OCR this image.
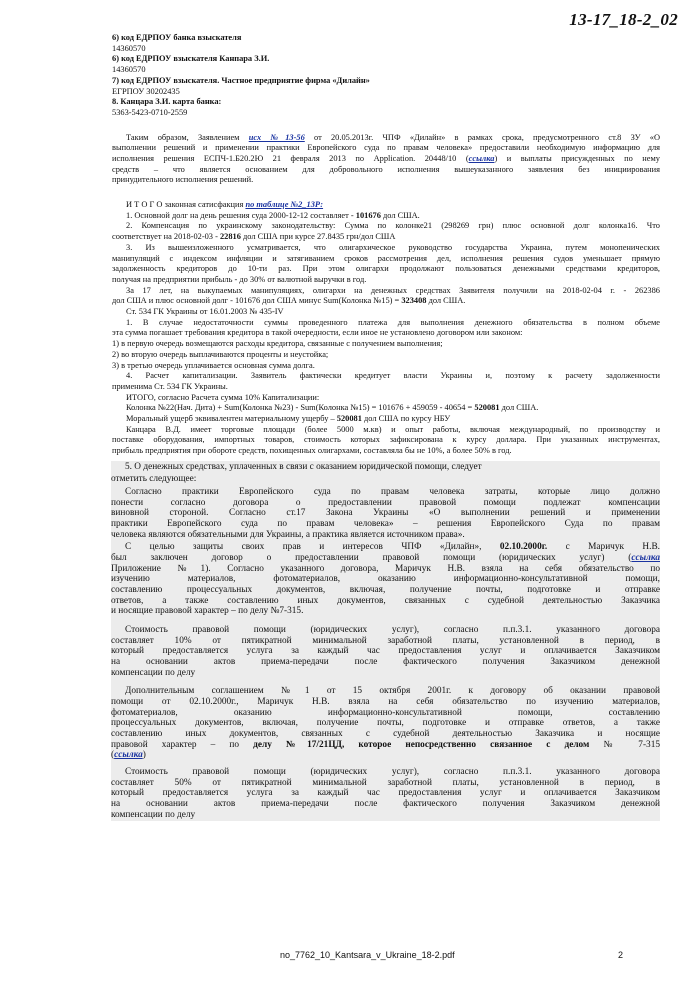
13-17_18-2_02
6) код ЕДРПОУ банка взыскателя
14360570
6) код ЕДРПОУ взыскателя Канпара З.И.
14360570
7) код ЕДРПОУ взыскателя. Частное предприятие фирма «Дилайн»
ЕГРПОУ 30202435
8. Канцара З.И. карта банка:
5363-5423-0710-2559
Таким образом, Заявлением исх №13-56 от 20.05.2013г. ЧПФ «Дилайн» в рамках срока, предусмотренного ст.8 ЗУ «О
выполнении решений и применении практики Европейского суда по правам человека» предоставили необходимую информацию для
исполнения решения ЕСПЧ-1.Б20.2Ю 21 февраля 2013 по Application. 20448/10 (ссылка) и выплаты присужденных по нему
средств – что является основанием для добровольного исполнения вышеуказанного заявления без инициирования
принудительного исполнения решений.
И Т О Г О законная сатисфакция по таблице №2_13Р:
1. Основной долг на день решения суда 2000-12-12 составляет - 101676 дол США.
2. Компенсация по украинскому законодательству: Сумма по колонке21 (298269 грн) плюс основной долг колонка16. Что
соответствует на 2018-02-03 - 22816 дол США при курсе 27.8435 грн/дол США
3. Из вышеизложенного усматривается, что олигархическое руководство государства Украина, путем монопенических
манипуляций с индексом инфляции и затягиванием сроков рассмотрения дел, исполнения решения судов уменьшает прямую
задолженность кредиторов до 10-ти раз. При этом олигархи продолжают пользоваться денежными средствами кредиторов,
получая на предприятии прибыль - до 30% от валютной выручки в год.
За 17 лет, на выкупаемых манипуляциях, олигархи на денежных средствах Заявителя получили на 2018-02-04 г. - 262386
дол США и плюс основной долг - 101676 дол США минус Sum(Колонка №15) = 323408 дол США.
Ст. 534 ГК Украины от 16.01.2003 № 435-IV
1. В случае недостаточности суммы проведенного платежа для выполнения денежного обязательства в полном объеме
эта сумма погашает требования кредитора в такой очередности, если иное не установлено договором или законом:
1) в первую очередь возмещаются расходы кредитора, связанные с получением выполнения;
2) во вторую очередь выплачиваются проценты и неустойка;
3) в третью очередь уплачивается основная сумма долга.
4. Расчет капитализации. Заявитель фактически кредитует власти Украины и, поэтому к расчету задолженности
применима Ст. 534 ГК Украины.
ИТОГО, согласно Расчета сумма 10% Капитализации:
Колонка №22(Нач. Дита) + Sum(Колонка №23) - Sum(Колонка №15) = 101676 + 459059 - 40654 = 520081 дол США.
Моральный ущерб эквивалентен материальному ущербу – 520081 дол США по курсу НБУ
Канцара В.Д. имеет торговые площади (более 5000 м.кв) и опыт работы, включая международный, по производству и
поставке оборудования, импортных товаров, стоимость которых зафиксирована к курсу доллара. При указанных инструментах,
прибыль предприятия при обороте средств, похищенных олигархами, составляла бы не 10%, а более 50% в год.
5. О денежных средствах, уплаченных в связи с оказанием юридической помощи, следует
отметить следующее:
Согласно практики Европейского суда по правам человека затраты, которые лицо должно
понести согласно договора о предоставлении правовой помощи подлежат компенсации
виновной стороной. Согласно ст.17 Закона Украины «О выполнении решений и применении
практики Европейского суда по правам человека» – решения Европейского Суда по правам
человека являются обязательными для Украины, а практика является источником права».
С целью защиты своих прав и интересов ЧПФ «Дилайн», 02.10.2000г. с Маричук Н.В.
был заключен договор о предоставлении правовой помощи (юридических услуг) (ссылка
Приложение №1). Согласно указанного договора, Маричук Н.В. взяла на себя обязательство по
изучению материалов, фотоматериалов, оказанию информационно-консультативной помощи,
составлению процессуальных документов, включая, получение почты, подготовке и отправке
ответов, а также составлению иных документов, связанных с судебной деятельностью Заказчика
и носящие правовой характер – по делу №7-315.
Стоимость правовой помощи (юридических услуг), согласно п.п.3.1. указанного договора
составляет 10% от пятикратной минимальной заработной платы, установленной в период, в
который предоставляется услуга за каждый час предоставления услуг и оплачивается Заказчиком
на основании актов приема-передачи после фактического получения Заказчиком денежной
компенсации по делу
Дополнительным соглашением №1 от 15 октября 2001г. к договору об оказании правовой
помощи от 02.10.2000г., Маричук Н.В. взяла на себя обязательство по изучению материалов,
фотоматериалов, оказанию информационно-консультативной помощи, составлению
процессуальных документов, включая, получение почты, подготовке и отправке ответов, а также
составлению иных документов, связанных с судебной деятельностью Заказчика и носящие
правовой характер – по делу №17/21ЦД, которое непосредственно связанное с делом № 7-315
(ссылка)
Стоимость правовой помощи (юридических услуг), согласно п.п.3.1. указанного договора
составляет 50% от пятикратной минимальной заработной платы, установленной в период, в
который предоставляется услуга за каждый час предоставления услуг и оплачивается Заказчиком
на основании актов приема-передачи после фактического получения Заказчиком денежной
компенсации по делу
no_7762_10_Kantsara_v_Ukraine_18-2.pdf	2
